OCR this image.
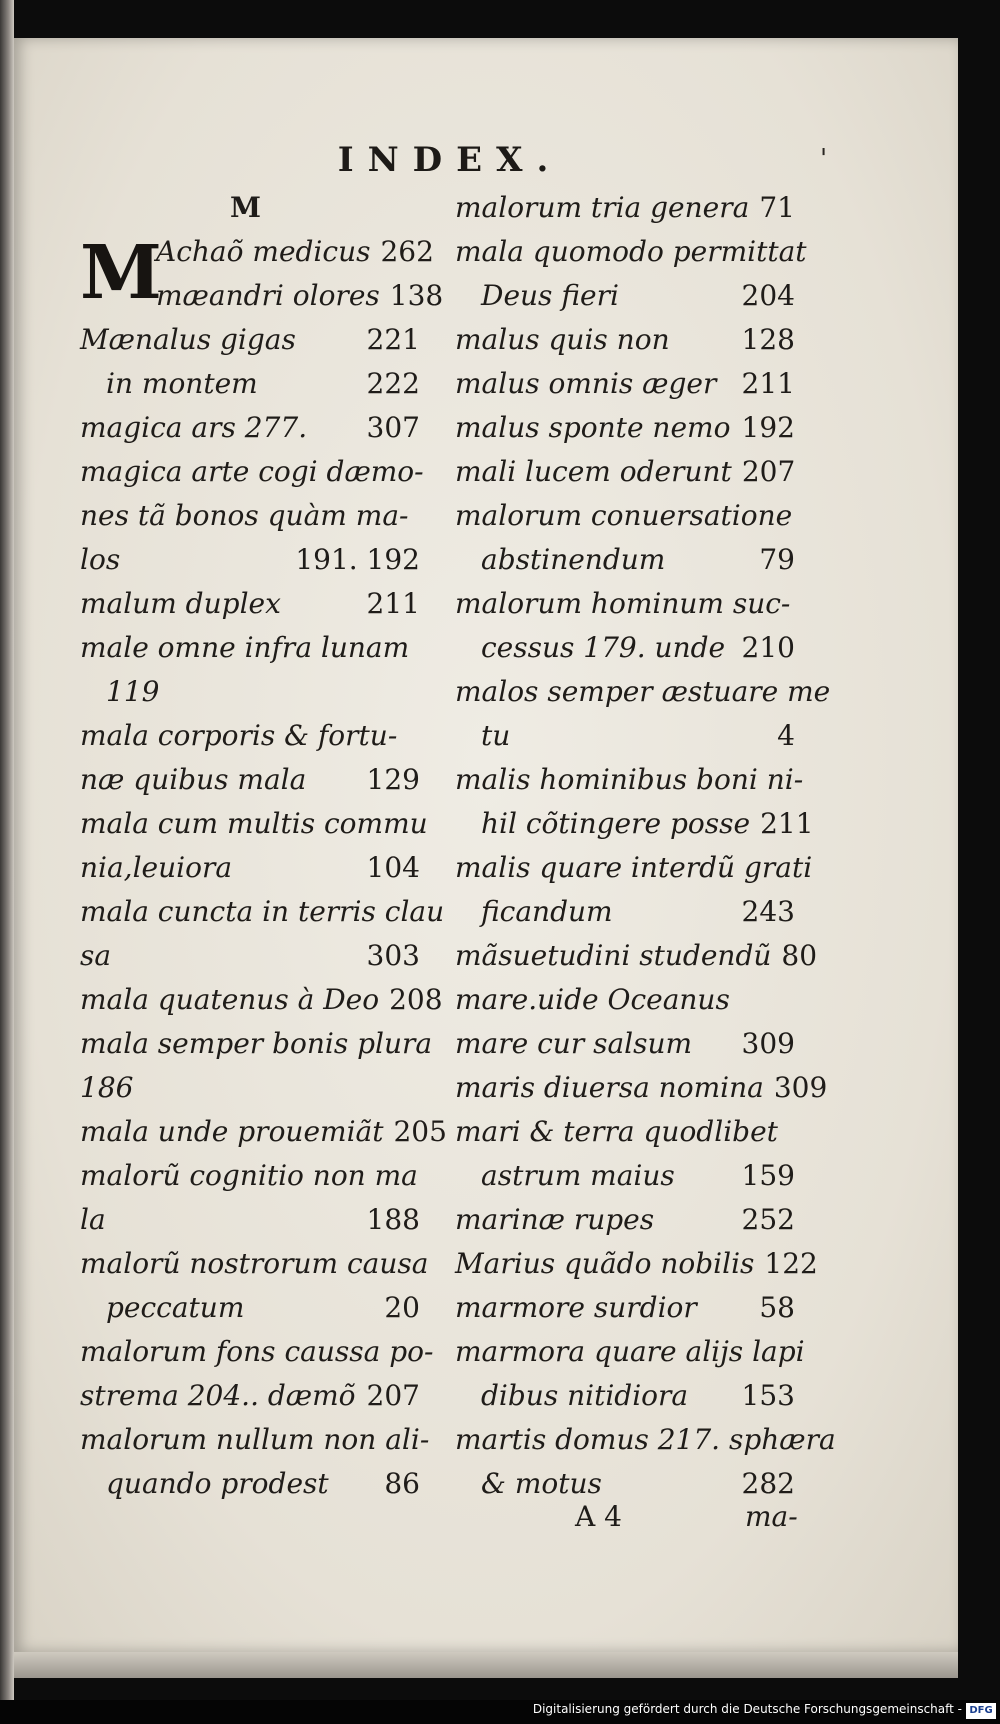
INDEX.	'
M
M
Achaõ medicus 262
mæandri olores 138
Mænalus gigas	221
in montem	222
magica ars 277.	307
magica arte cogi dæmo-
nes tã bonos quàm ma-
los	191. 192
malum duplex	211
male omne infra lunam
119
mala corporis & fortu-
næ quibus mala	129
mala cum multis commu
nia,leuiora	104
mala cuncta in terris clau
sa	303
mala quatenus à Deo 208
mala semper bonis plura
186
mala unde prouemiãt 205
malorũ cognitio non ma
la	188
malorũ nostrorum causa
peccatum	20
malorum fons caussa po-
strema 204.. dæmõ 207
malorum nullum non ali-
quando prodest	86
malorum tria genera 71
mala quomodo permittat
Deus fieri	204
malus quis non	128
malus omnis æger 211
malus sponte nemo 192
mali lucem oderunt 207
malorum conuersatione
abstinendum	79
malorum hominum suc-
cessus 179. unde 210
malos semper æstuare me
tu	4
malis hominibus boni ni-
hil cõtingere posse 211
malis quare interdũ grati
ficandum	243
mãsuetudini studendũ 80
mare.uide Oceanus
mare cur salsum	309
maris diuersa nomina 309
mari & terra quodlibet
astrum maius	159
marinæ rupes	252
Marius quãdo nobilis 122
marmore surdior	58
marmora quare alijs lapi
dibus nitidiora	153
martis domus 217. sphæra
& motus	282
A 4	ma-
Digitalisierung gefördert durch die Deutsche Forschungsgemeinschaft - DFG
